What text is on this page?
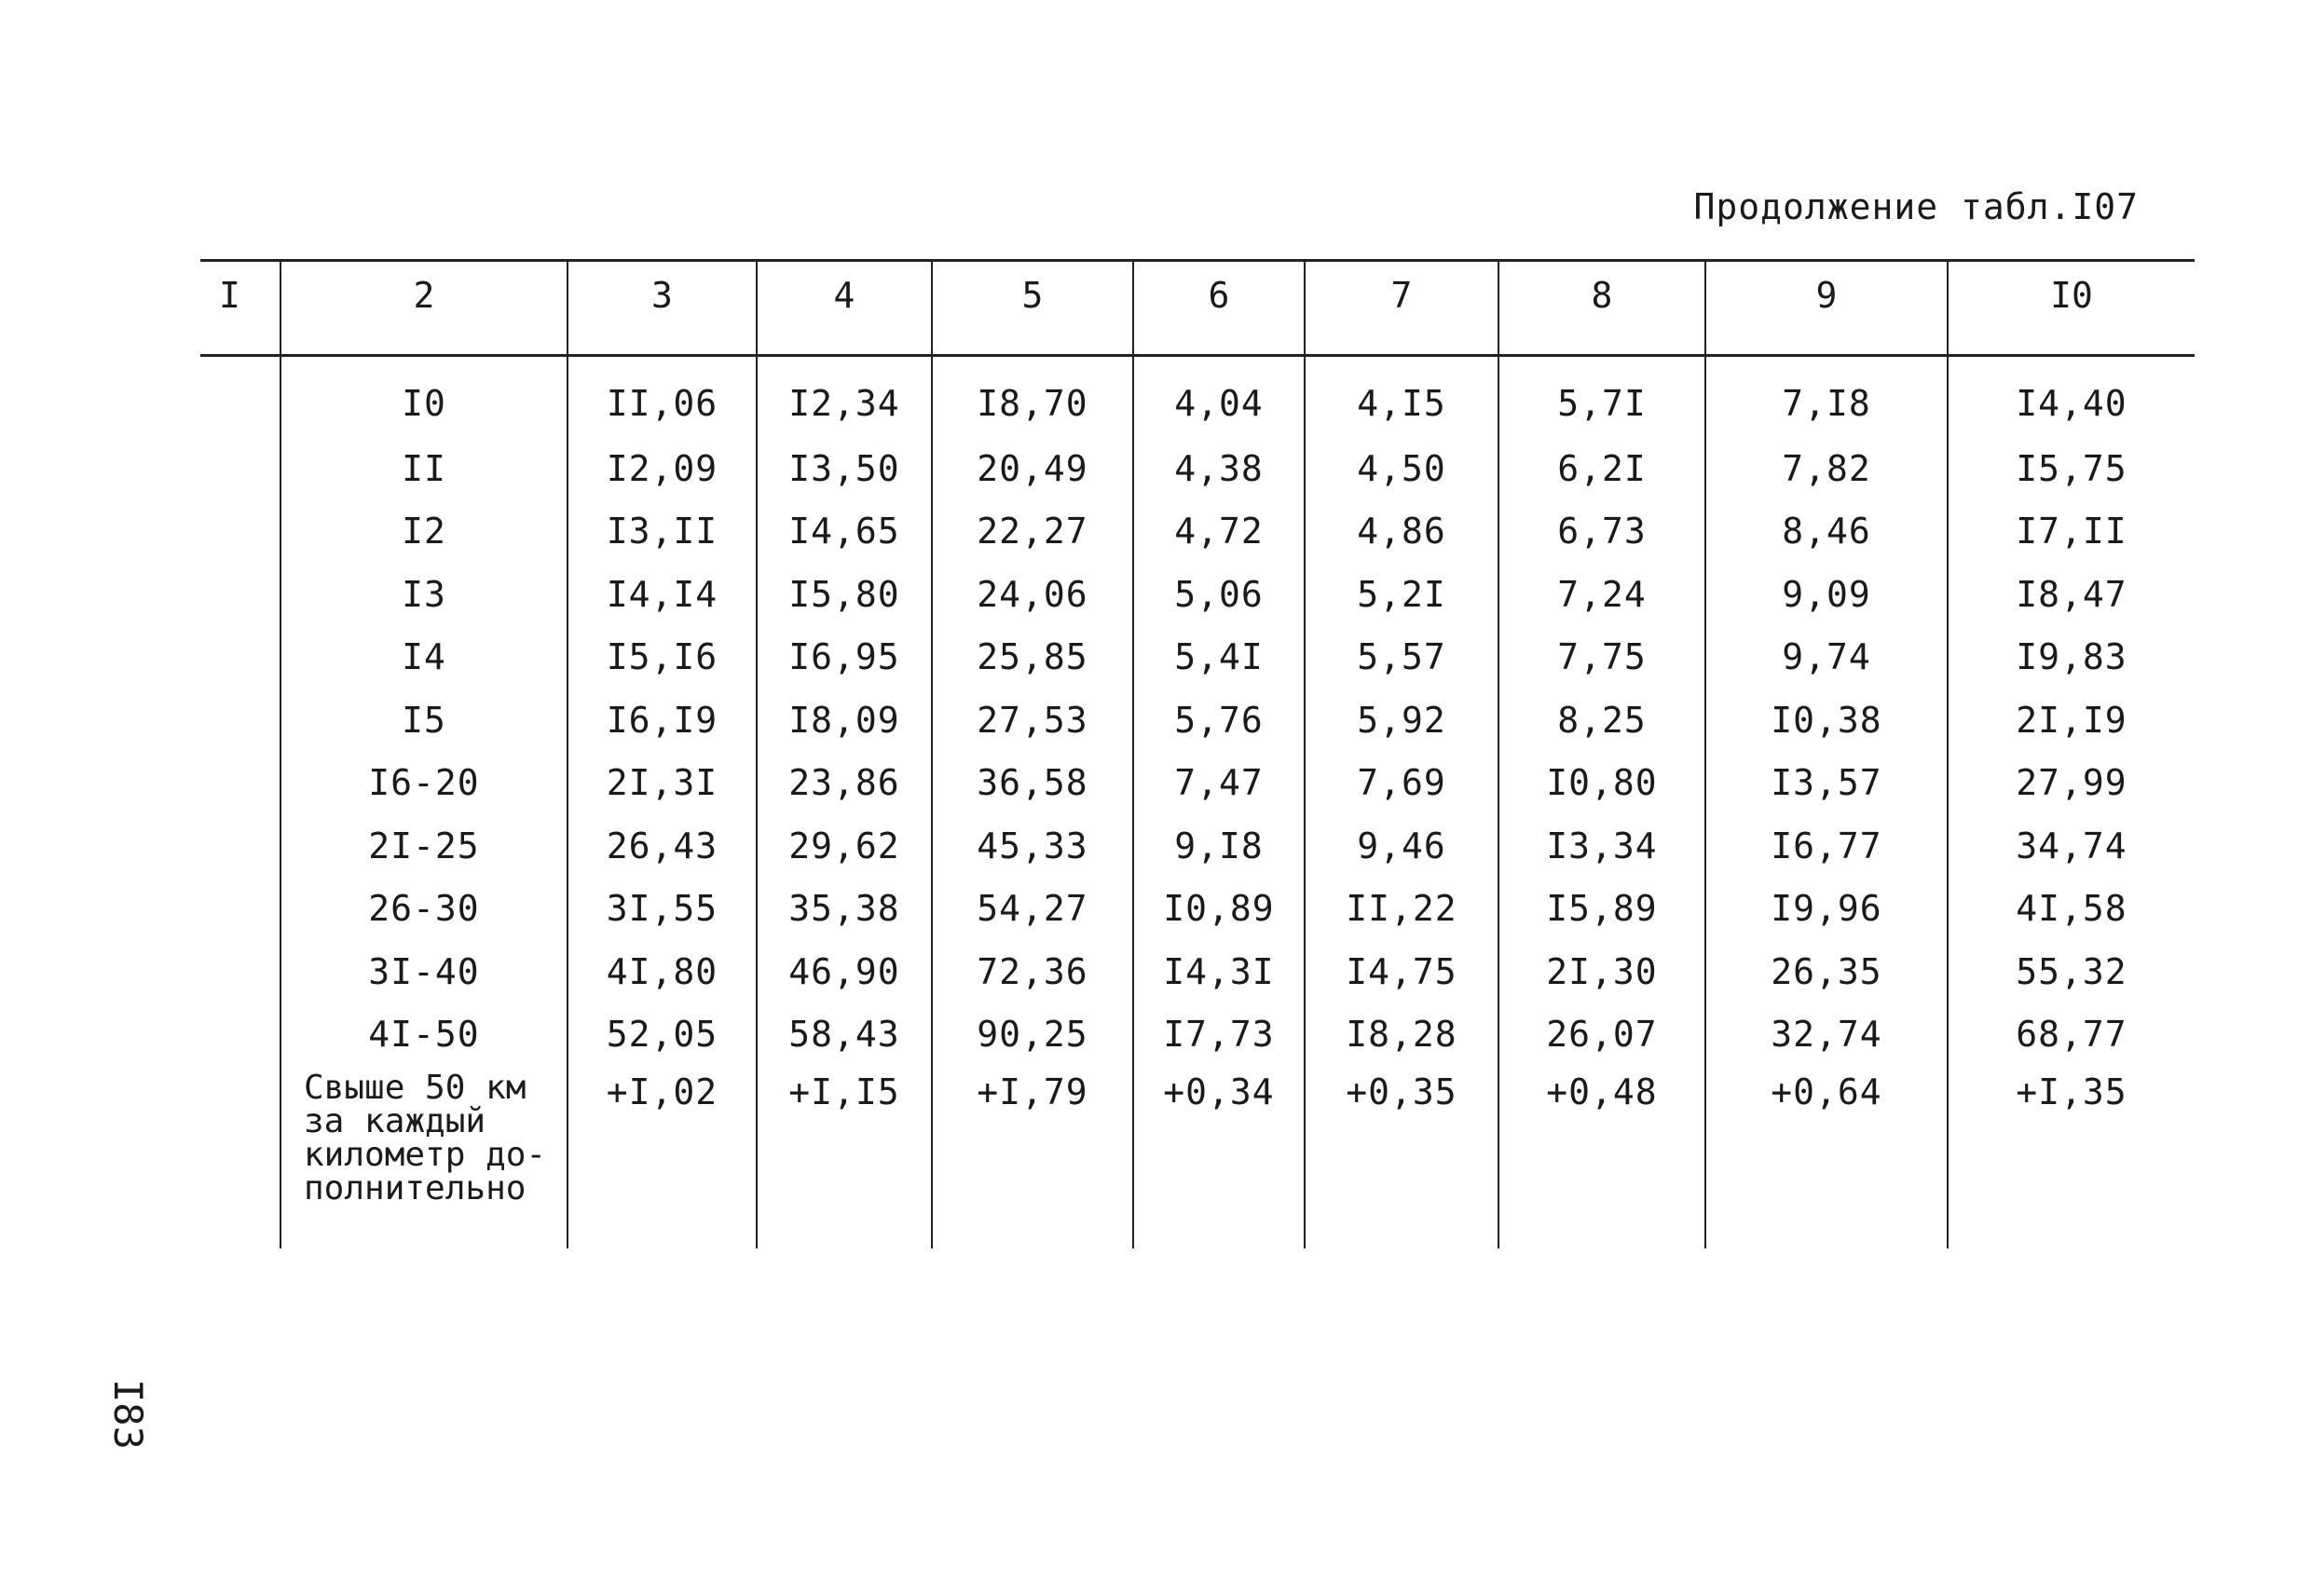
Продолжение табл.I07
I	2	3	4	5	6	7	8	9	I0
	I0	II,06	I2,34	I8,70	4,04	4,I5	5,7I	7,I8	I4,40
	II	I2,09	I3,50	20,49	4,38	4,50	6,2I	7,82	I5,75
	I2	I3,II	I4,65	22,27	4,72	4,86	6,73	8,46	I7,II
	I3	I4,I4	I5,80	24,06	5,06	5,2I	7,24	9,09	I8,47
	I4	I5,I6	I6,95	25,85	5,4I	5,57	7,75	9,74	I9,83
	I5	I6,I9	I8,09	27,53	5,76	5,92	8,25	I0,38	2I,I9
	I6-20	2I,3I	23,86	36,58	7,47	7,69	I0,80	I3,57	27,99
	2I-25	26,43	29,62	45,33	9,I8	9,46	I3,34	I6,77	34,74
	26-30	3I,55	35,38	54,27	I0,89	II,22	I5,89	I9,96	4I,58
	3I-40	4I,80	46,90	72,36	I4,3I	I4,75	2I,30	26,35	55,32
	4I-50	52,05	58,43	90,25	I7,73	I8,28	26,07	32,74	68,77

	Свыше 50 км
за каждый
километр до-
полнительно	+I,02	+I,I5	+I,79	+0,34	+0,35	+0,48	+0,64	+I,35
I83
